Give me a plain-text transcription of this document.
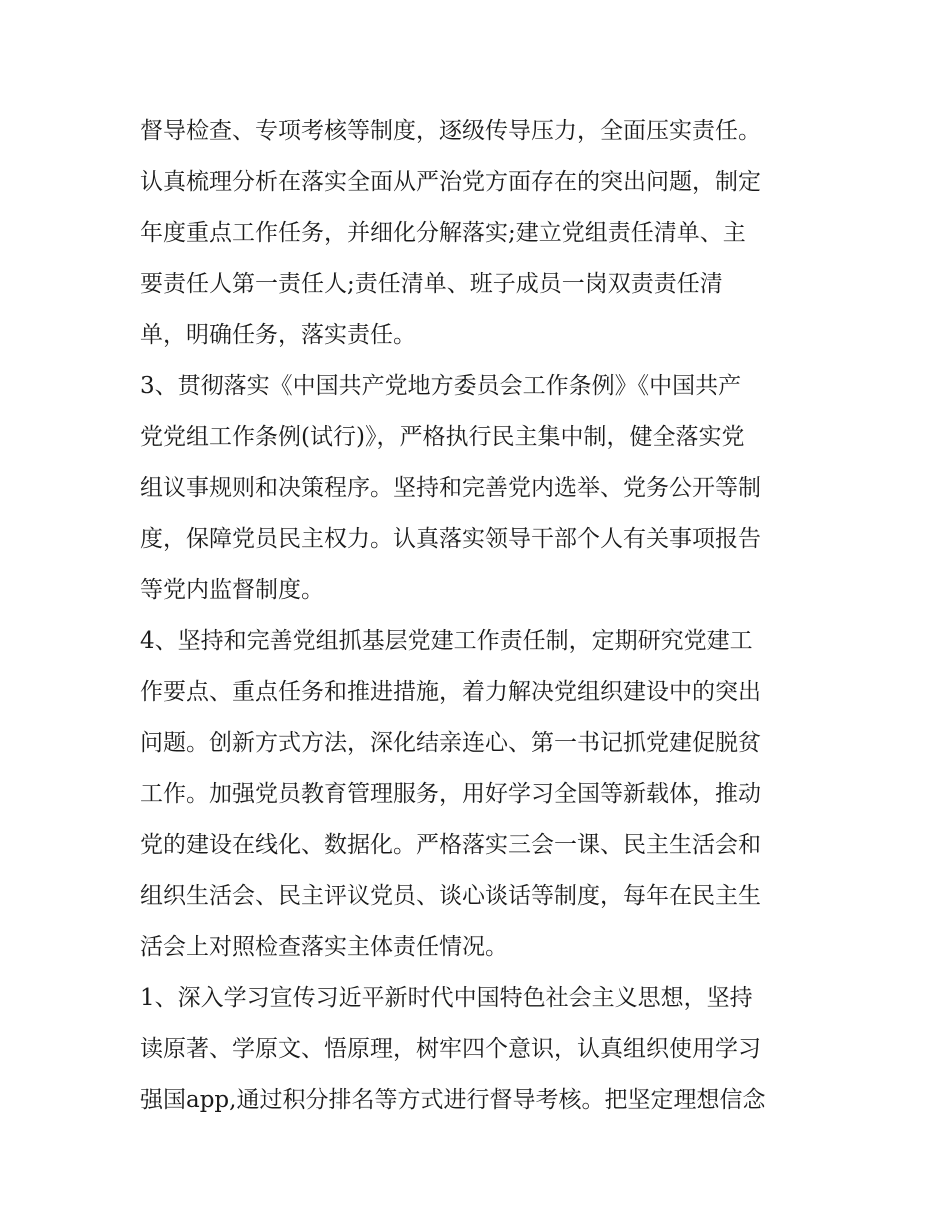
督导检查、专项考核等制度，逐级传导压力，全面压实责任。
认真梳理分析在落实全面从严治党方面存在的突出问题，制定
年度重点工作任务，并细化分解落实;建立党组责任清单、主
要责任人第一责任人;责任清单、班子成员一岗双责责任清
单，明确任务，落实责任。
3、贯彻落实《中国共产党地方委员会工作条例》《中国共产
党党组工作条例(试行)》，严格执行民主集中制，健全落实党
组议事规则和决策程序。坚持和完善党内选举、党务公开等制
度，保障党员民主权力。认真落实领导干部个人有关事项报告
等党内监督制度。
4、坚持和完善党组抓基层党建工作责任制，定期研究党建工
作要点、重点任务和推进措施，着力解决党组织建设中的突出
问题。创新方式方法，深化结亲连心、第一书记抓党建促脱贫
工作。加强党员教育管理服务，用好学习全国等新载体，推动
党的建设在线化、数据化。严格落实三会一课、民主生活会和
组织生活会、民主评议党员、谈心谈话等制度，每年在民主生
活会上对照检查落实主体责任情况。
1、深入学习宣传习近平新时代中国特色社会主义思想，坚持
读原著、学原文、悟原理，树牢四个意识，认真组织使用学习
强国app,通过积分排名等方式进行督导考核。把坚定理想信念
